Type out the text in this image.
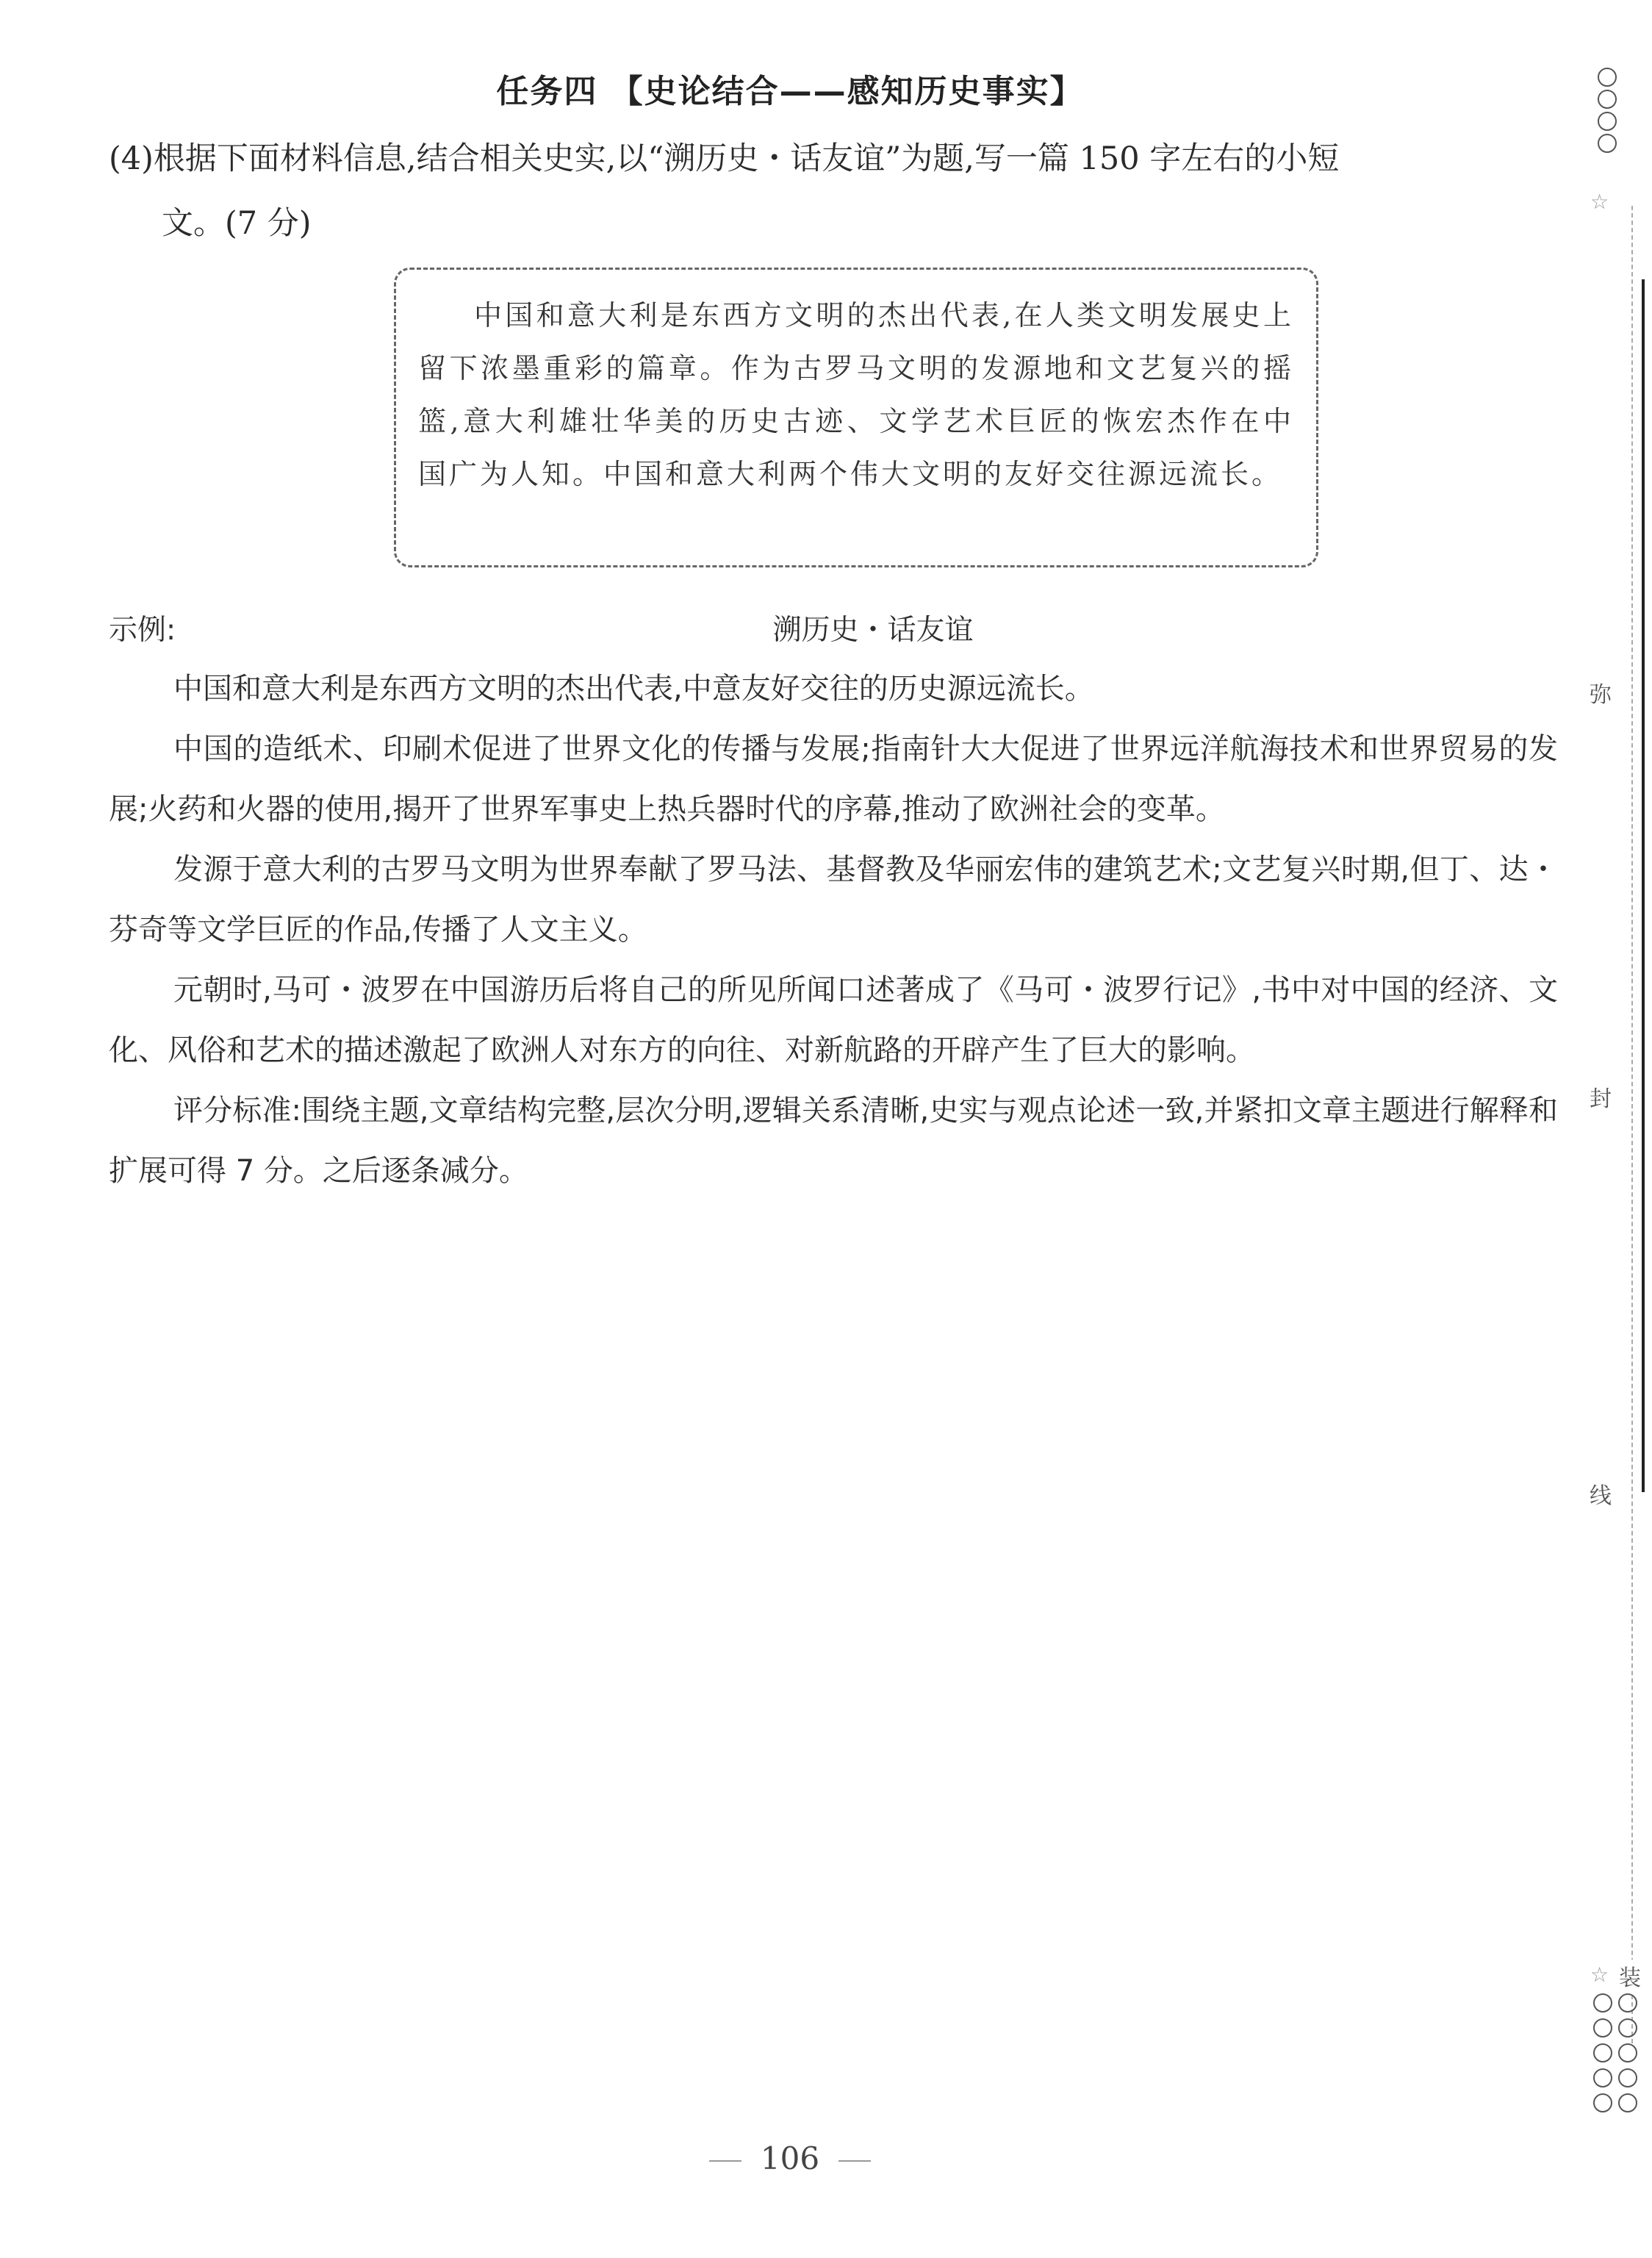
任务四 【史论结合——感知历史事实】
(4)根据下面材料信息,结合相关史实,以“溯历史・话友谊”为题,写一篇 150 字左右的小短
文。(7 分)
中国和意大利是东西方文明的杰出代表,在人类文明发展史上留下浓墨重彩的篇章。作为古罗马文明的发源地和文艺复兴的摇篮,意大利雄壮华美的历史古迹、文学艺术巨匠的恢宏杰作在中国广为人知。中国和意大利两个伟大文明的友好交往源远流长。
溯历史・话友谊
示例:

中国和意大利是东西方文明的杰出代表,中意友好交往的历史源远流长。

中国的造纸术、印刷术促进了世界文化的传播与发展;指南针大大促进了世界远洋航海技术和世界贸易的发展;火药和火器的使用,揭开了世界军事史上热兵器时代的序幕,推动了欧洲社会的变革。

发源于意大利的古罗马文明为世界奉献了罗马法、基督教及华丽宏伟的建筑艺术;文艺复兴时期,但丁、达・芬奇等文学巨匠的作品,传播了人文主义。

元朝时,马可・波罗在中国游历后将自己的所见所闻口述著成了《马可・波罗行记》,书中对中国的经济、文化、风俗和艺术的描述激起了欧洲人对东方的向往、对新航路的开辟产生了巨大的影响。

评分标准:围绕主题,文章结构完整,层次分明,逻辑关系清晰,史实与观点论述一致,并紧扣文章主题进行解释和扩展可得 7 分。之后逐条减分。

106
☆
弥
封
线
☆ 装
